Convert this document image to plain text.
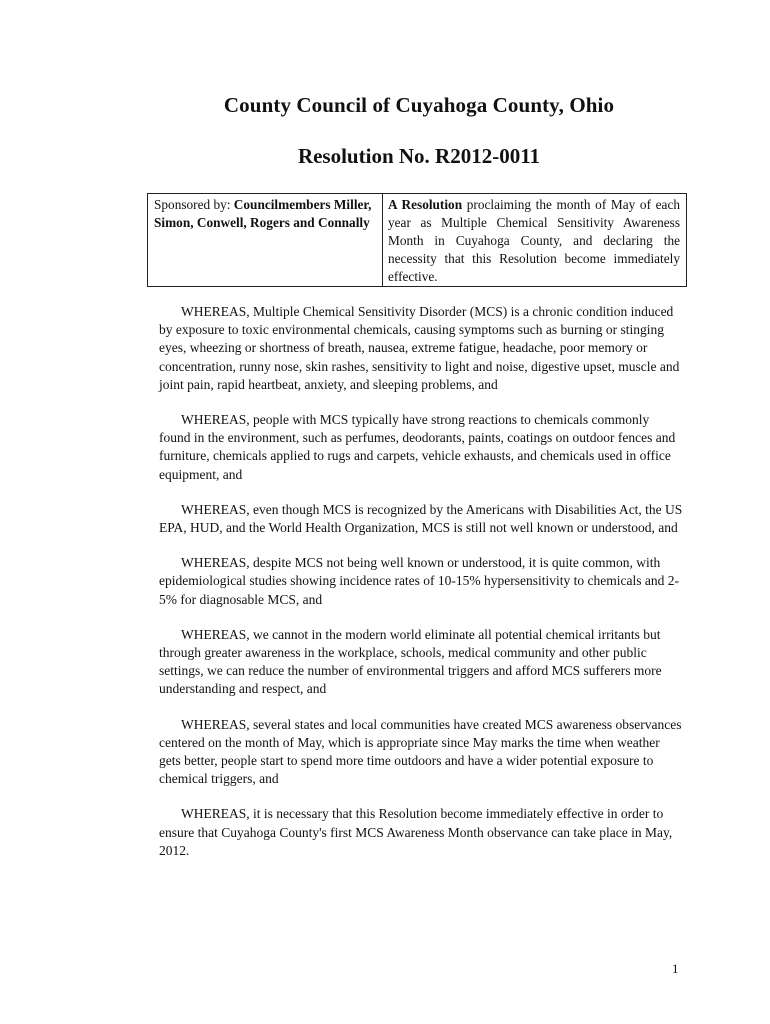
County Council of Cuyahoga County, Ohio
Resolution No. R2012-0011
Sponsored by: Councilmembers Miller, Simon, Conwell, Rogers and Connally	A Resolution proclaiming the month of May of each year as Multiple Chemical Sensitivity Awareness Month in Cuyahoga County, and declaring the necessity that this Resolution become immediately effective.

WHEREAS, Multiple Chemical Sensitivity Disorder (MCS) is a chronic condition induced by exposure to toxic environmental chemicals, causing symptoms such as burning or stinging eyes, wheezing or shortness of breath, nausea, extreme fatigue, headache, poor memory or concentration, runny nose, skin rashes, sensitivity to light and noise, digestive upset, muscle and joint pain, rapid heartbeat, anxiety, and sleeping problems, and

WHEREAS, people with MCS typically have strong reactions to chemicals commonly found in the environment, such as perfumes, deodorants, paints, coatings on outdoor fences and furniture, chemicals applied to rugs and carpets, vehicle exhausts, and chemicals used in office equipment, and

WHEREAS, even though MCS is recognized by the Americans with Disabilities Act, the US EPA, HUD, and the World Health Organization, MCS is still not well known or understood, and

WHEREAS, despite MCS not being well known or understood, it is quite common, with epidemiological studies showing incidence rates of 10-15% hypersensitivity to chemicals and 2-5% for diagnosable MCS, and

WHEREAS, we cannot in the modern world eliminate all potential chemical irritants but through greater awareness in the workplace, schools, medical community and other public settings, we can reduce the number of environmental triggers and afford MCS sufferers more understanding and respect, and

WHEREAS, several states and local communities have created MCS awareness observances centered on the month of May, which is appropriate since May marks the time when weather gets better, people start to spend more time outdoors and have a wider potential exposure to chemical triggers, and

WHEREAS, it is necessary that this Resolution become immediately effective in order to ensure that Cuyahoga County's first MCS Awareness Month observance can take place in May, 2012.

1
